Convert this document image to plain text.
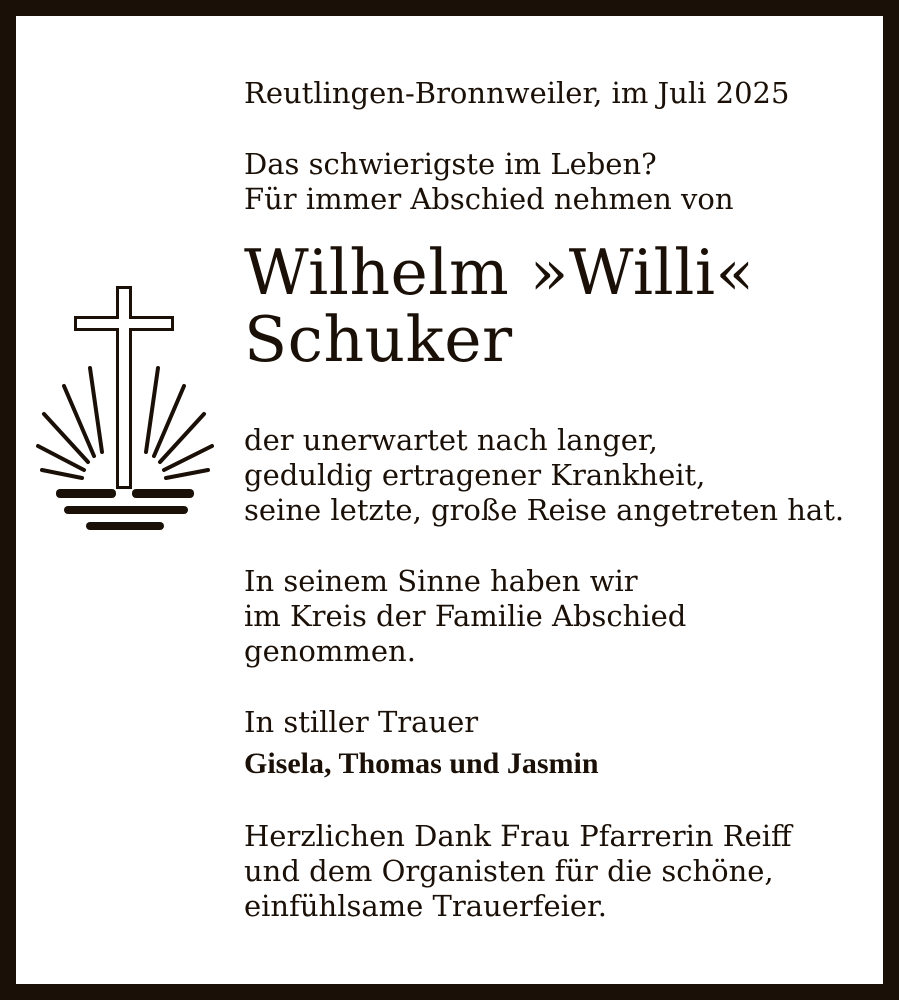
Reutlingen-Bronnweiler, im Juli 2025
Das schwierigste im Leben?
Für immer Abschied nehmen von
Wilhelm »Willi«
Schuker
der unerwartet nach langer,
geduldig ertragener Krankheit,
seine letzte, große Reise angetreten hat.
In seinem Sinne haben wir
im Kreis der Familie Abschied
genommen.
In stiller Trauer
Gisela, Thomas und Jasmin
Herzlichen Dank Frau Pfarrerin Reiff
und dem Organisten für die schöne,
einfühlsame Trauerfeier.
